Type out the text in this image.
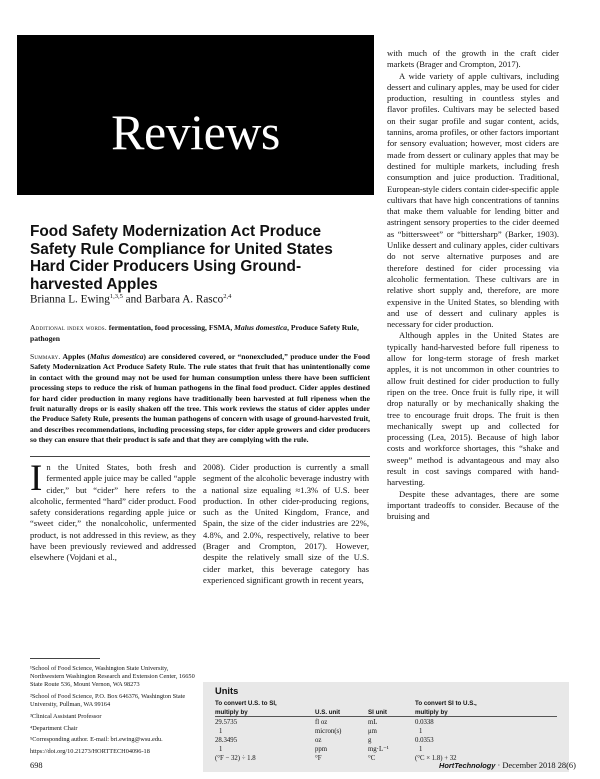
Reviews
Food Safety Modernization Act Produce Safety Rule Compliance for United States Hard Cider Producers Using Ground-harvested Apples
Brianna L. Ewing$^{1,3,5}$ and Barbara A. Rasco$^{2,4}$
Additional index words. fermentation, food processing, FSMA, Malus domestica, Produce Safety Rule, pathogen
Summary. Apples (Malus domestica) are considered covered, or “nonexcluded,” produce under the Food Safety Modernization Act Produce Safety Rule. The rule states that fruit that has unintentionally come in contact with the ground may not be used for human consumption unless there have been sufficient processing steps to reduce the risk of human pathogens in the final food product. Cider apples destined for hard cider production in many regions have traditionally been harvested at full ripeness when the fruit naturally drops or is easily shaken off the tree. This work reviews the status of cider apples under the Produce Safety Rule, presents the human pathogens of concern with usage of ground-harvested fruit, and describes recommendations, including processing steps, for cider apple growers and cider producers so they can ensure that their product is safe and that they are complying with the rule.

In the United States, both fresh and fermented apple juice may be called “apple cider,” but “cider” here refers to the alcoholic, fermented “hard” cider product. Food safety considerations regarding apple juice or “sweet cider,” the nonalcoholic, unfermented product, is not addressed in this review, as they have been previously reviewed and addressed elsewhere (Vojdani et al.,

2008). Cider production is currently a small segment of the alcoholic beverage industry with a national size equaling ≈1.3% of U.S. beer production. In other cider-producing regions, such as the United Kingdom, France, and Spain, the size of the cider industries are 22%, 4.8%, and 2.0%, respectively, relative to beer (Brager and Crompton, 2017). However, despite the relatively small size of the U.S. cider market, this beverage category has experienced significant growth in recent years,

with much of the growth in the craft cider markets (Brager and Crompton, 2017).

A wide variety of apple cultivars, including dessert and culinary apples, may be used for cider production, resulting in countless styles and flavor profiles. Cultivars may be selected based on their sugar profile and sugar content, acids, tannins, aroma profiles, or other factors important for sensory evaluation; however, most ciders are made from dessert or culinary apples that may be destined for multiple markets, including fresh consumption and juice production. Traditional, European-style ciders contain cider-specific apple cultivars that have high concentrations of tannins that make them valuable for lending bitter and astringent sensory properties to the cider deemed as “bittersweet” or “bittersharp” (Barker, 1903). Unlike dessert and culinary apples, cider cultivars do not serve alternative purposes and are therefore destined for cider processing via alcoholic fermentation. These cultivars are in relative short supply and, therefore, are more expensive in the United States, so blending with and use of dessert and culinary apples is necessary for cider production.

Although apples in the United States are typically hand-harvested before full ripeness to allow for long-term storage of fresh market apples, it is not uncommon in other countries to allow fruit destined for cider production to fully ripen on the tree. Once fruit is fully ripe, it will drop naturally or by mechanically shaking the tree to encourage fruit drops. The fruit is then mechanically swept up and collected for processing (Lea, 2015). Because of high labor costs and workforce shortages, this “shake and sweep” method is advantageous and may also result in cost savings compared with hand-harvesting.

Despite these advantages, there are some important tradeoffs to consider. Because of the bruising and

¹School of Food Science, Washington State University, Northwestern Washington Research and Extension Center, 16650 State Route 536, Mount Vernon, WA 98273

²School of Food Science, P.O. Box 646376, Washington State University, Pullman, WA 99164

³Clinical Assistant Professor

⁴Department Chair

⁵Corresponding author. E-mail: bri.ewing@wsu.edu.

https://doi.org/10.21273/HORTTECH04096-18

Units
To convert U.S. to SI,
multiply by	U.S. unit	SI unit
To convert SI to U.S.,
multiply by
29.5735	fl oz	mL	0.0338
1	micron(s)	μm	1
28.3495	oz	g	0.0353
1	ppm	mg·L⁻¹	1
(°F − 32) ÷ 1.8	°F	°C	(°C × 1.8) + 32
698	HortTechnology · December 2018 28(6)
